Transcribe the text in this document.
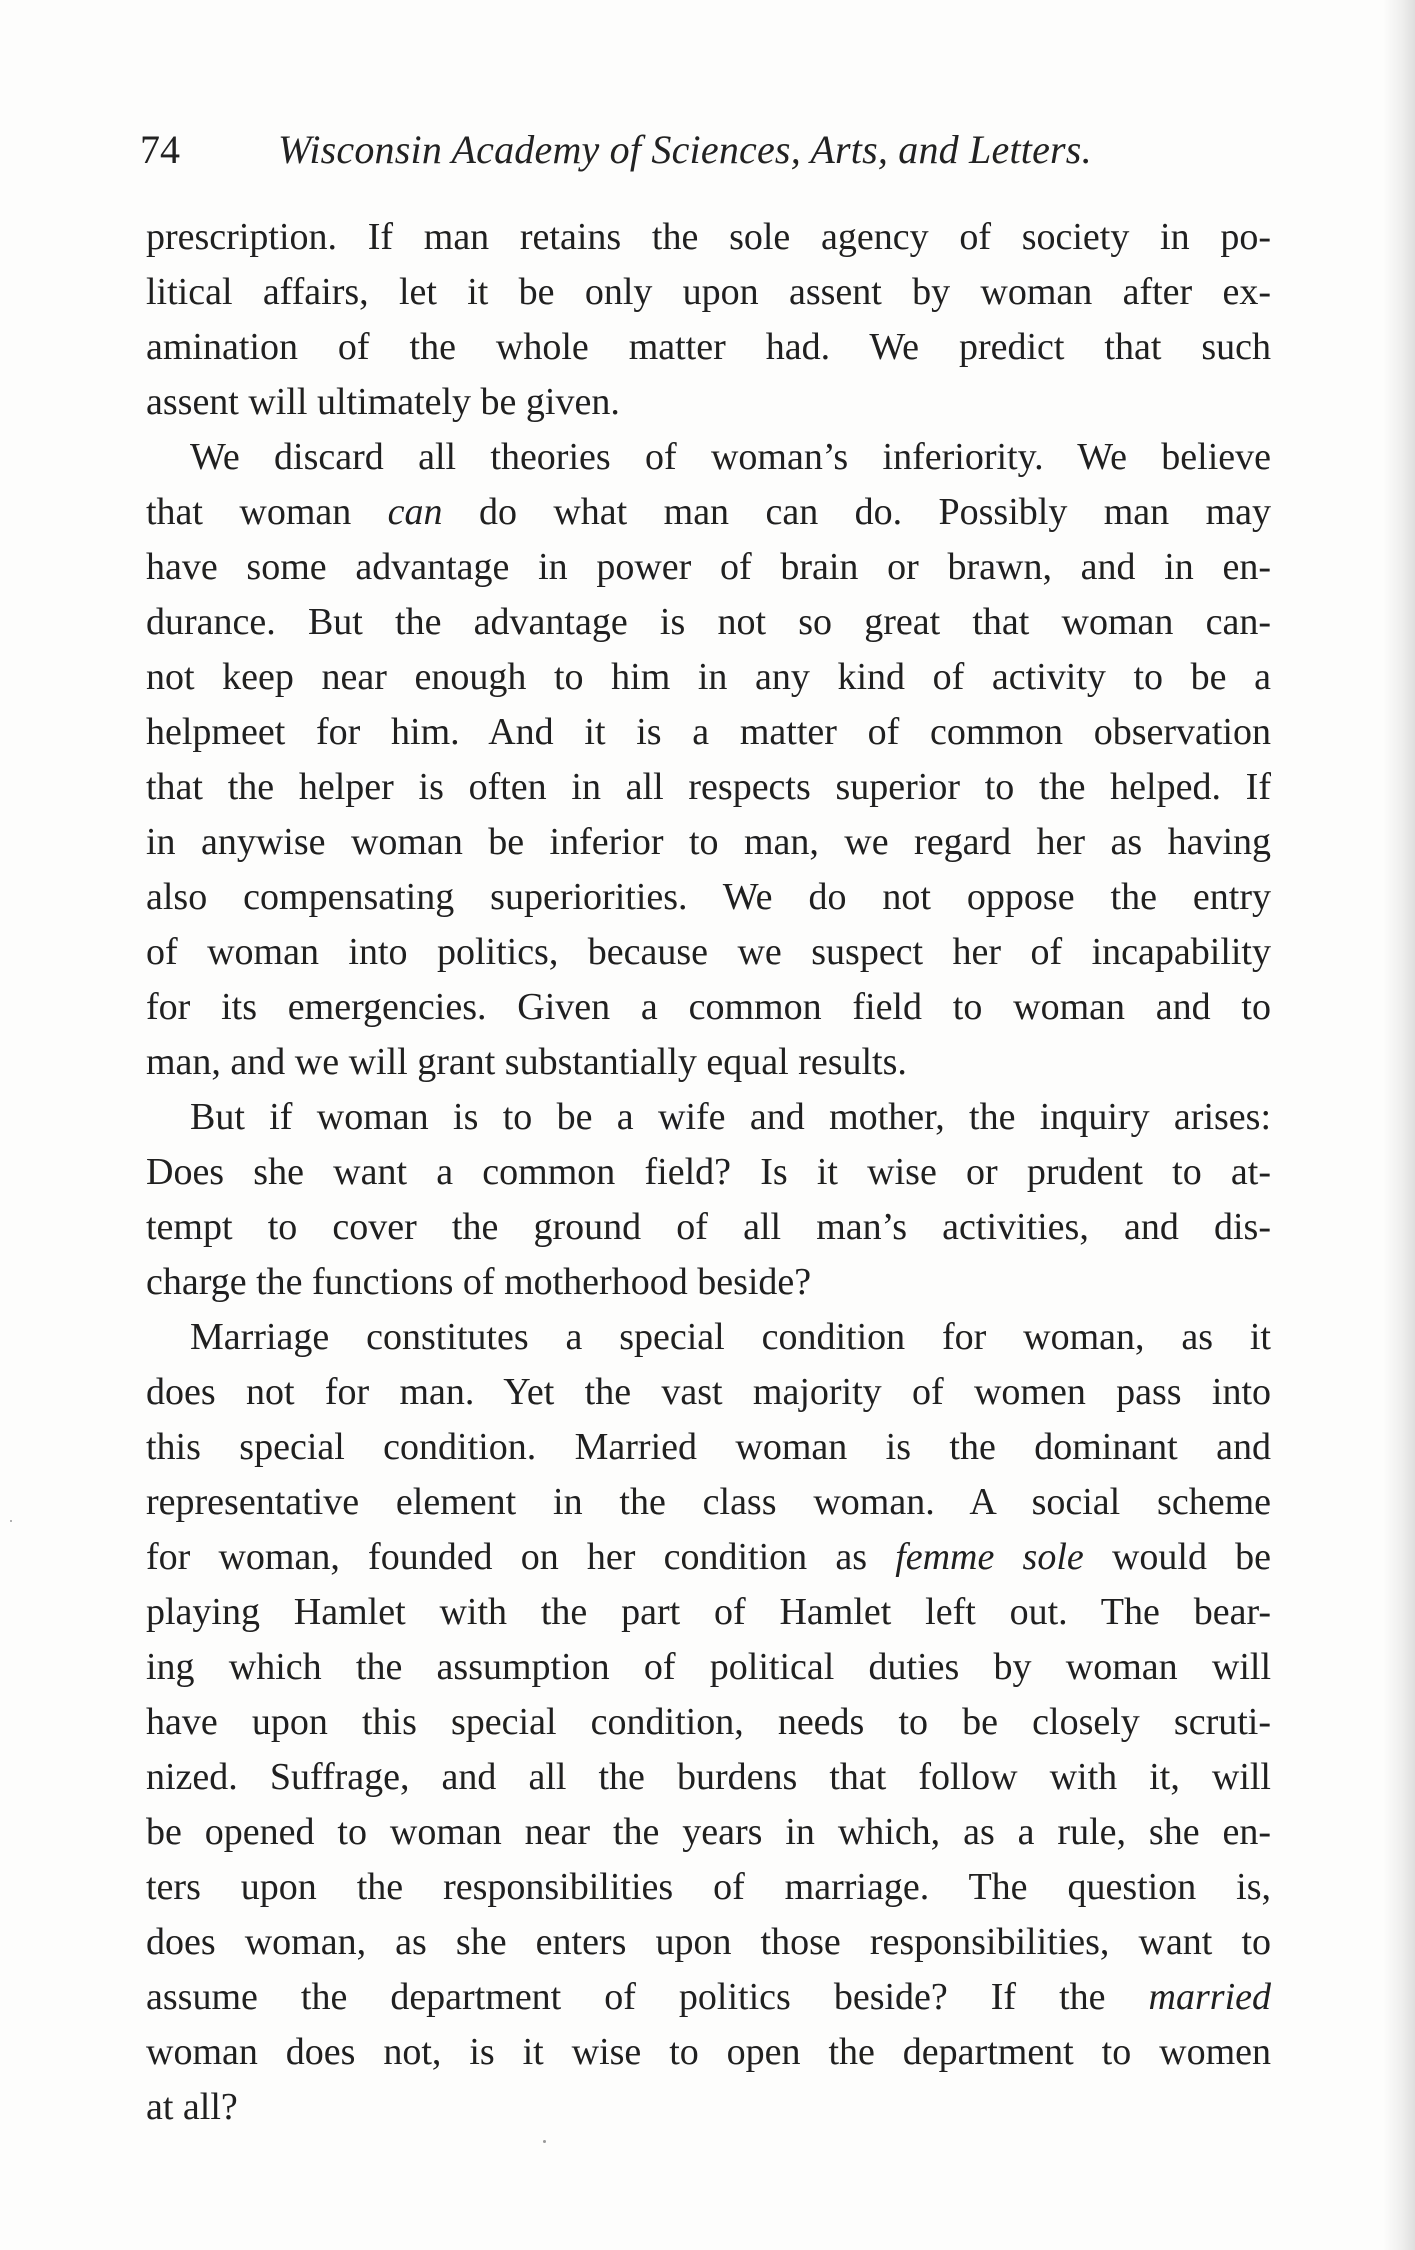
74 Wisconsin Academy of Sciences, Arts, and Letters.
prescription. If man retains the sole agency of society in po-
litical affairs, let it be only upon assent by woman after ex-
amination of the whole matter had. We predict that such
assent will ultimately be given.
We discard all theories of woman’s inferiority. We believe
that woman can do what man can do. Possibly man may
have some advantage in power of brain or brawn, and in en-
durance. But the advantage is not so great that woman can-
not keep near enough to him in any kind of activity to be a
helpmeet for him. And it is a matter of common observation
that the helper is often in all respects superior to the helped. If
in anywise woman be inferior to man, we regard her as having
also compensating superiorities. We do not oppose the entry
of woman into politics, because we suspect her of incapability
for its emergencies. Given a common field to woman and to
man, and we will grant substantially equal results.
But if woman is to be a wife and mother, the inquiry arises:
Does she want a common field? Is it wise or prudent to at-
tempt to cover the ground of all man’s activities, and dis-
charge the functions of motherhood beside?
Marriage constitutes a special condition for woman, as it
does not for man. Yet the vast majority of women pass into
this special condition. Married woman is the dominant and
representative element in the class woman. A social scheme
for woman, founded on her condition as femme sole would be
playing Hamlet with the part of Hamlet left out. The bear-
ing which the assumption of political duties by woman will
have upon this special condition, needs to be closely scruti-
nized. Suffrage, and all the burdens that follow with it, will
be opened to woman near the years in which, as a rule, she en-
ters upon the responsibilities of marriage. The question is,
does woman, as she enters upon those responsibilities, want to
assume the department of politics beside? If the married
woman does not, is it wise to open the department to women
at all?
